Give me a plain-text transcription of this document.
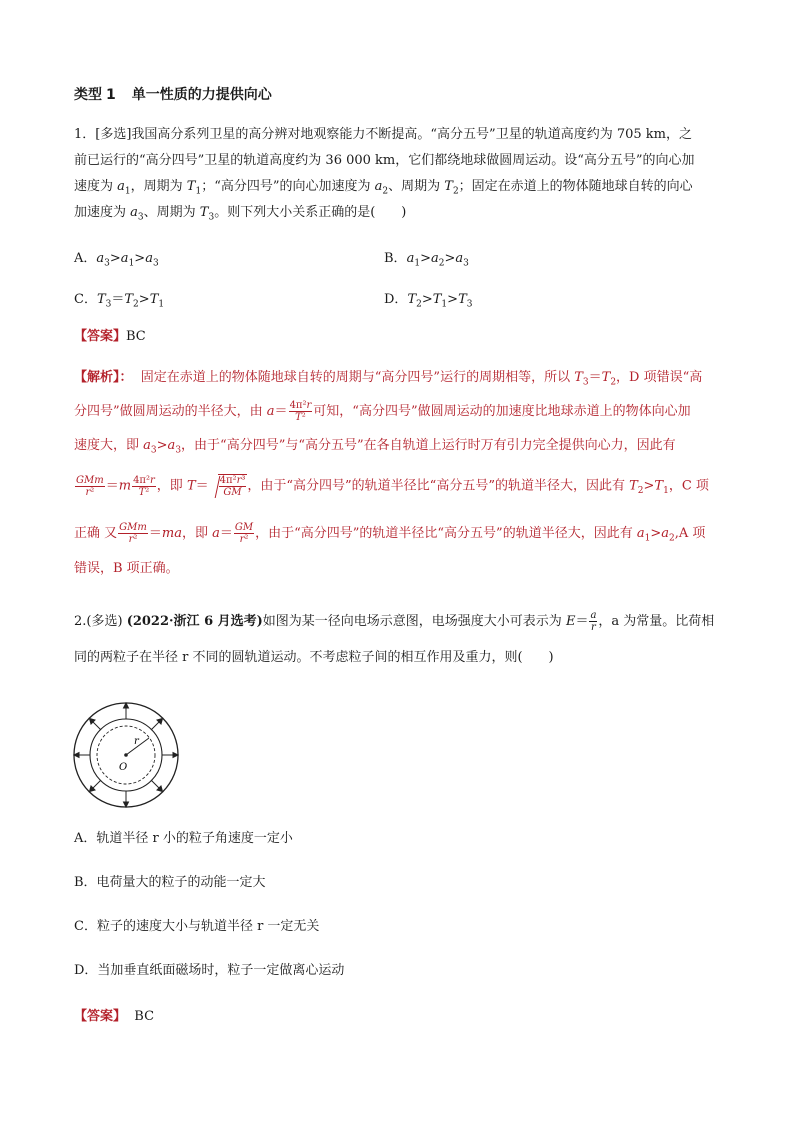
类型 1 单一性质的力提供向心
1．[多选]我国高分系列卫星的高分辨对地观察能力不断提高。“高分五号”卫星的轨道高度约为 705 km，之
前已运行的“高分四号”卫星的轨道高度约为 36 000 km，它们都绕地球做圆周运动。设“高分五号”的向心加
速度为 $a_1$，周期为 $T_1$；“高分四号”的向心加速度为 $a_2$、周期为 $T_2$；固定在赤道上的物体随地球自转的向心
加速度为 $a_3$、周期为 $T_3$。则下列大小关系正确的是(　　)
A．$a_3>a_1>a_3$	B．$a_1>a_2>a_3$
C．$T_3=T_2>T_1$	D．$T_2>T_1>T_3$
【答案】BC
【解析】： 固定在赤道上的物体随地球自转的周期与“高分四号”运行的周期相等，所以 $T_3=T_2$，D 项错误“高
分四号”做圆周运动的半径大，由 $a= \frac{\text{4π²r}}{\text{T²}}$ 可知，“高分四号”做圆周运动的加速度比地球赤道上的物体向心加
速度大，即 $a_3>a_3$，由于“高分四号”与“高分五号”在各自轨道上运行时万有引力完全提供向心力，因此有
$\frac{\text{GMm}}{\text{r²}} =m \frac{\text{4π²r}}{\text{T²}}$ ，即 $T= \frac{\text{4π²r³}}{GM}$ ，由于“高分四号”的轨道半径比“高分五号”的轨道半径大，因此有 $T_2>T_1$，C 项
正确 又 $\frac{\text{GMm}}{\text{r²}} =ma$，即 $a= \frac{GM}{\text{r²}}$ ，由于“高分四号”的轨道半径比“高分五号”的轨道半径大，因此有 $a_1>a_2,A$ 项
错误，B 项正确。
2.(多选) (2022·浙江 6 月选考)如图为某一径向电场示意图，电场强度大小可表示为 $E= \frac{a}{r}$ ，a 为常量。比荷相
同的两粒子在半径 r 不同的圆轨道运动。不考虑粒子间的相互作用及重力，则(　　)
r
O
A．轨道半径 r 小的粒子角速度一定小
B．电荷量大的粒子的动能一定大
C．粒子的速度大小与轨道半径 r 一定无关
D．当加垂直纸面磁场时，粒子一定做离心运动
【答案】 BC
